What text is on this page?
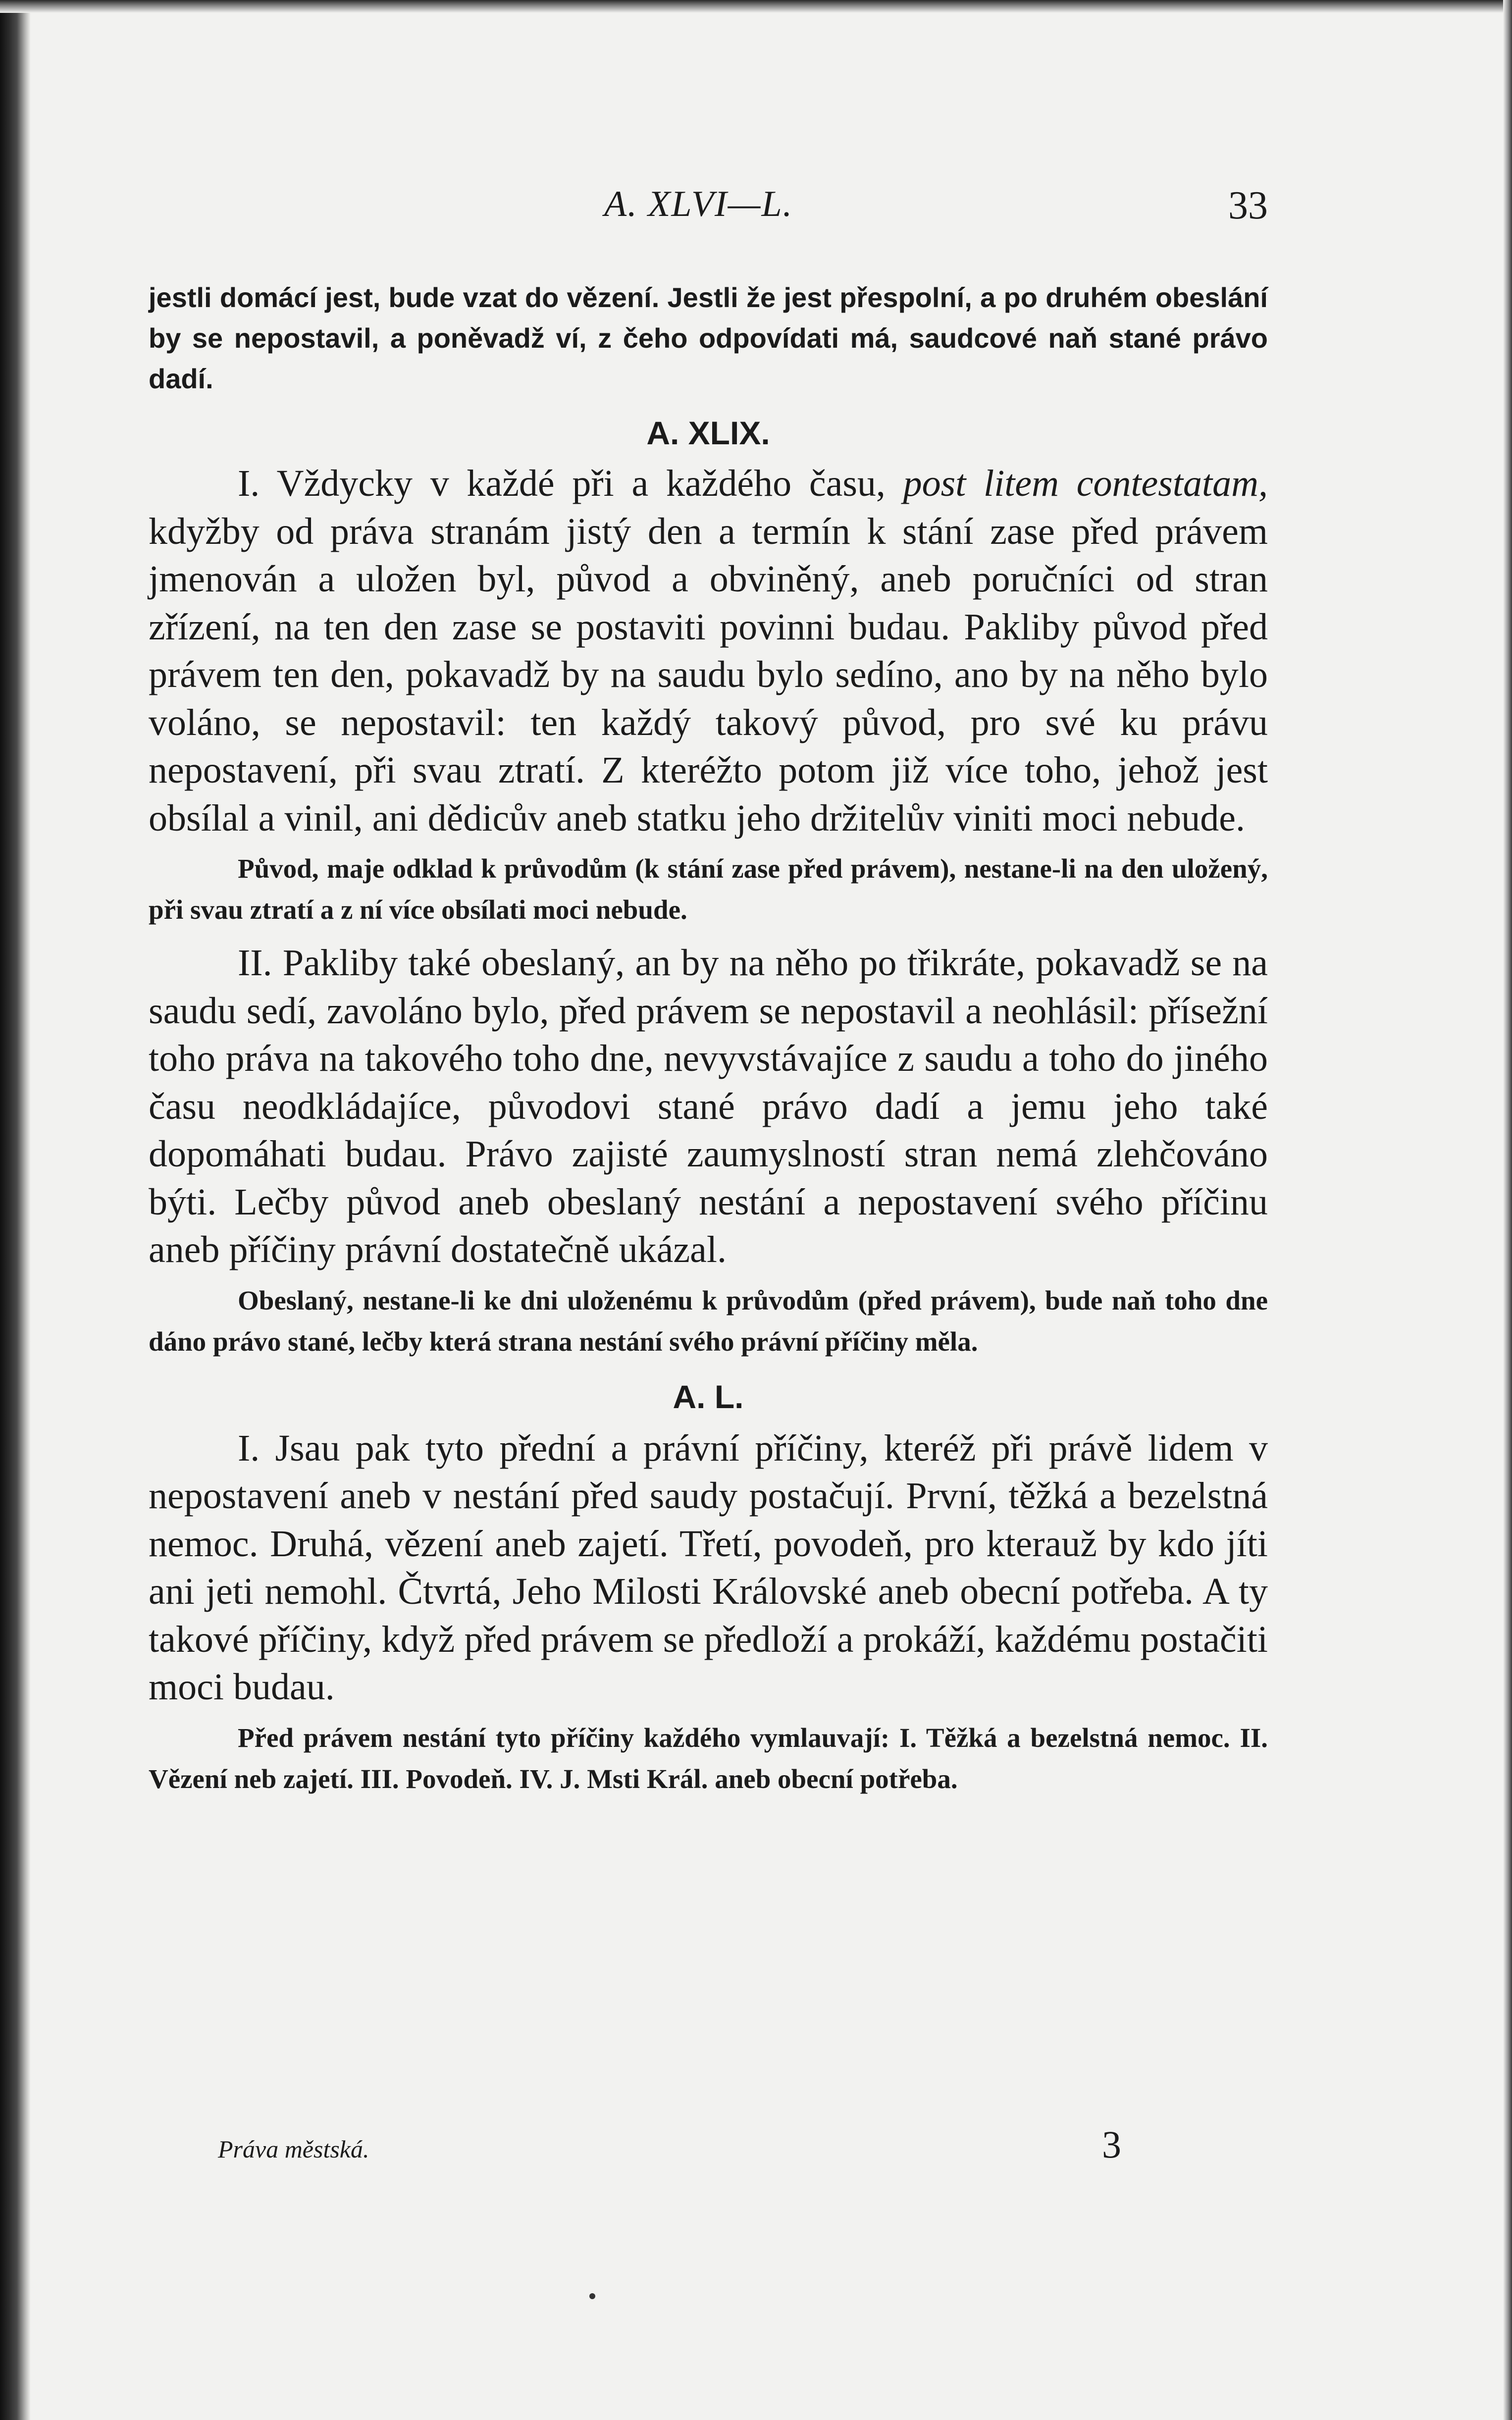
A. XLVI—L.	33

jestli domácí jest, bude vzat do vězení. Jestli že jest přespolní, a po druhém obeslání by se nepostavil, a poněvadž ví, z čeho odpovídati má, saudcové naň stané právo dadí.

A. XLIX.

I. Vždycky v každé při a každého času, post litem contestatam, kdyžby od práva stranám jistý den a termín k stání zase před právem jmenován a uložen byl, původ a obviněný, aneb poručníci od stran zřízení, na ten den zase se postaviti povinni budau. Pakliby původ před právem ten den, pokavadž by na saudu bylo sedíno, ano by na něho bylo voláno, se nepostavil: ten každý takový původ, pro své ku právu nepostavení, při svau ztratí. Z kteréžto potom již více toho, jehož jest obsílal a vinil, ani dědicův aneb statku jeho držitelův viniti moci nebude.

Původ, maje odklad k průvodům (k stání zase před právem), nestane-li na den uložený, při svau ztratí a z ní více obsílati moci nebude.

II. Pakliby také obeslaný, an by na něho po třikráte, pokavadž se na saudu sedí, zavoláno bylo, před právem se nepostavil a neohlásil: přísežní toho práva na takového toho dne, nevyvstávajíce z saudu a toho do jiného času neodkládajíce, původovi stané právo dadí a jemu jeho také dopomáhati budau. Právo zajisté zaumyslností stran nemá zlehčováno býti. Lečby původ aneb obeslaný nestání a nepostavení svého příčinu aneb příčiny právní dostatečně ukázal.

Obeslaný, nestane-li ke dni uloženému k průvodům (před právem), bude naň toho dne dáno právo stané, lečby která strana nestání svého právní příčiny měla.

A. L.

I. Jsau pak tyto přední a právní příčiny, kteréž při právě lidem v nepostavení aneb v nestání před saudy postačují. První, těžká a bezelstná nemoc. Druhá, vězení aneb zajetí. Třetí, povodeň, pro kterauž by kdo jíti ani jeti nemohl. Čtvrtá, Jeho Milosti Královské aneb obecní potřeba. A ty takové příčiny, když před právem se předloží a prokáží, každému postačiti moci budau.

Před právem nestání tyto příčiny každého vymlauvají: I. Těžká a bezelstná nemoc. II. Vězení neb zajetí. III. Povodeň. IV. J. Msti Král. aneb obecní potřeba.

Práva městská.	3
